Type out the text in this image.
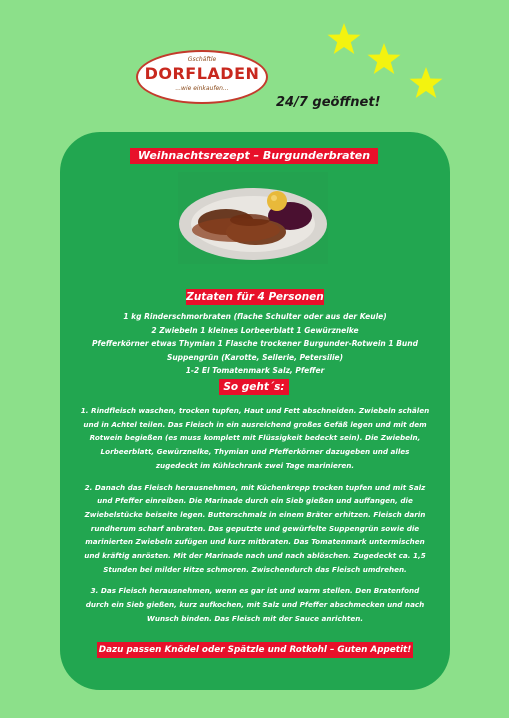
Gschäftle
DORFLADEN
...wie einkaufen...
24/7 geöffnet!
Weihnachtsrezept – Burgunderbraten
Zutaten für 4 Personen
1 kg Rinderschmorbraten (flache Schulter oder aus der Keule)
2 Zwiebeln 1 kleines Lorbeerblatt 1 Gewürznelke
Pfefferkörner etwas Thymian 1 Flasche trockener Burgunder-Rotwein 1 Bund
Suppengrün (Karotte, Sellerie, Petersilie)
1-2 El Tomatenmark Salz, Pfeffer
So geht´s:

1. Rindfleisch waschen, trocken tupfen, Haut und Fett abschneiden. Zwiebeln schälen und in Achtel teilen. Das Fleisch in ein ausreichend großes Gefäß legen und mit dem Rotwein begießen (es muss komplett mit Flüssigkeit bedeckt sein). Die Zwiebeln, Lorbeerblatt, Gewürznelke, Thymian und Pfefferkörner dazugeben und alles zugedeckt im Kühlschrank zwei Tage marinieren.

2. Danach das Fleisch herausnehmen, mit Küchenkrepp trocken tupfen und mit Salz und Pfeffer einreiben. Die Marinade durch ein Sieb gießen und auffangen, die Zwiebelstücke beiseite legen. Butterschmalz in einem Bräter erhitzen. Fleisch darin rundherum scharf anbraten. Das geputzte und gewürfelte Suppengrün sowie die marinierten Zwiebeln zufügen und kurz mitbraten. Das Tomatenmark untermischen und kräftig anrösten. Mit der Marinade nach und nach ablöschen. Zugedeckt ca. 1,5 Stunden bei milder Hitze schmoren. Zwischendurch das Fleisch umdrehen.

3. Das Fleisch herausnehmen, wenn es gar ist und warm stellen. Den Bratenfond durch ein Sieb gießen, kurz aufkochen, mit Salz und Pfeffer abschmecken und nach Wunsch binden. Das Fleisch mit der Sauce anrichten.

Dazu passen Knödel oder Spätzle und Rotkohl – Guten Appetit!
